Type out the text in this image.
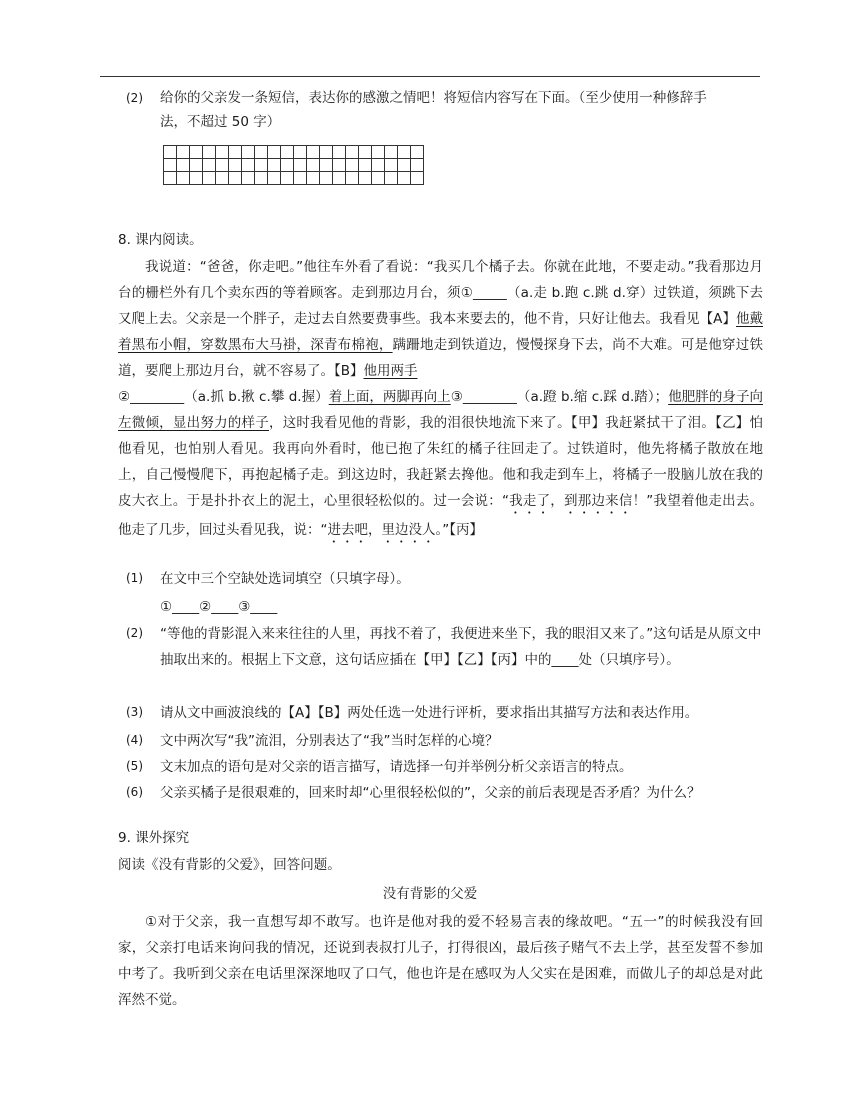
(2) 给你的父亲发一条短信，表达你的感激之情吧！将短信内容写在下面。（至少使用一种修辞手
法，不超过 50 字）

8. 课内阅读。
我说道：“爸爸，你走吧。”他往车外看了看说：“我买几个橘子去。你就在此地，不要走动。”我看那边月台的栅栏外有几个卖东西的等着顾客。走到那边月台，须①_____（a.走 b.跑 c.跳 d.穿）过铁道，须跳下去又爬上去。父亲是一个胖子，走过去自然要费事些。我本来要去的，他不肯，只好让他去。我看见【A】他戴着黑布小帽，穿数黑布大马褂，深青布棉袍，蹒跚地走到铁道边，慢慢探身下去，尚不大难。可是他穿过铁道，要爬上那边月台，就不容易了。【B】他用两手
②________（a.抓 b.揪 c.攀 d.握）着上面，两脚再向上③________（a.蹬 b.缩 c.踩 d.踏）；他肥胖的身子向左微倾，显出努力的样子，这时我看见他的背影，我的泪很快地流下来了。【甲】我赶紧拭干了泪。【乙】怕他看见，也怕别人看见。我再向外看时，他已抱了朱红的橘子往回走了。过铁道时，他先将橘子散放在地上，自己慢慢爬下，再抱起橘子走。到这边时，我赶紧去搀他。他和我走到车上，将橘子一股脑儿放在我的皮大衣上。于是扑扑衣上的泥土，心里很轻松似的。过一会说：“我走了，到那边来信！”我望着他走出去。他走了几步，回过头看见我，说：“进去吧，里边没人。”【丙】
(1) 在文中三个空缺处选词填空（只填字母）。
①____②____③____
(2) “等他的背影混入来来往往的人里，再找不着了，我便进来坐下，我的眼泪又来了。”这句话是从原文中抽取出来的。根据上下文意，这句话应插在【甲】【乙】【丙】中的____处（只填序号）。
(3) 请从文中画波浪线的【A】【B】两处任选一处进行评析，要求指出其描写方法和表达作用。
(4) 文中两次写“我”流泪，分别表达了“我”当时怎样的心境？
(5) 文末加点的语句是对父亲的语言描写，请选择一句并举例分析父亲语言的特点。
(6) 父亲买橘子是很艰难的，回来时却“心里很轻松似的”，父亲的前后表现是否矛盾？为什么？
9. 课外探究
阅读《没有背影的父爱》，回答问题。
没有背影的父爱
①对于父亲，我一直想写却不敢写。也许是他对我的爱不轻易言表的缘故吧。“五一”的时候我没有回家，父亲打电话来询问我的情况，还说到表叔打儿子，打得很凶，最后孩子赌气不去上学，甚至发誓不参加中考了。我听到父亲在电话里深深地叹了口气，他也许是在感叹为人父实在是困难，而做儿子的却总是对此浑然不觉。
